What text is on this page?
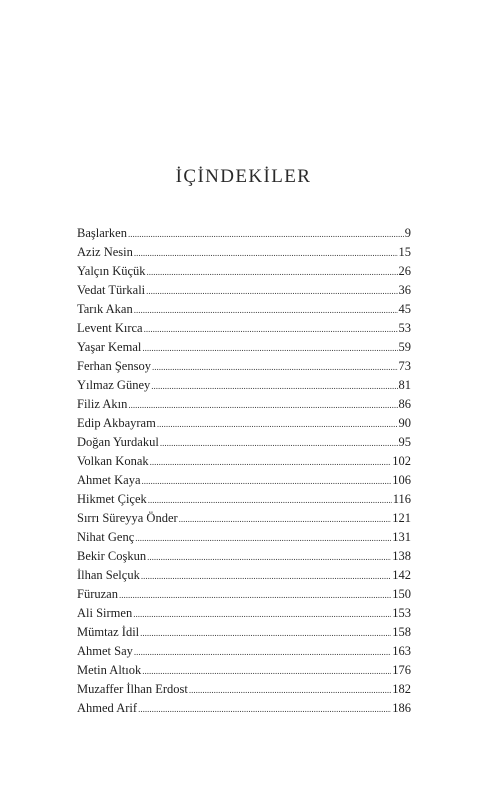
İÇİNDEKİLER
Başlarken .....	9
Aziz Nesin .....	15
Yalçın Küçük .....	26
Vedat Türkali .....	36
Tarık Akan .....	45
Levent Kırca .....	53
Yaşar Kemal .....	59
Ferhan Şensoy .....	73
Yılmaz Güney .....	81
Filiz Akın .....	86
Edip Akbayram .....	90
Doğan Yurdakul .....	95
Volkan Konak .....	102
Ahmet Kaya .....	106
Hikmet Çiçek .....	116
Sırrı Süreyya Önder .....	121
Nihat Genç .....	131
Bekir Coşkun .....	138
İlhan Selçuk .....	142
Füruzan .....	150
Ali Sirmen .....	153
Mümtaz İdil .....	158
Ahmet Say .....	163
Metin Altıok .....	176
Muzaffer İlhan Erdost .....	182
Ahmed Arif .....	186
